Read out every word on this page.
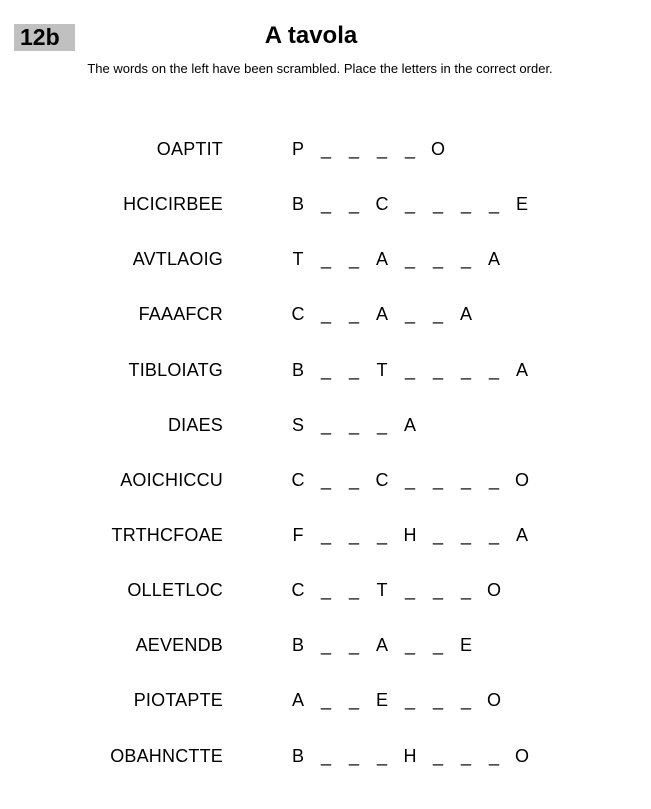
12b	A tavola
The words on the left have been scrambled. Place the letters in the correct order.
OAPTIT	P _ _ _ _ O
HCICIRBEE	B _ _ C _ _ _ _ E
AVTLAOIG	T _ _ A _ _ _ A
FAAAFCR	C _ _ A _ _ A
TIBLOIATG	B _ _ T _ _ _ _ A
DIAES	S _ _ _ A
AOICHICCU	C _ _ C _ _ _ _ O
TRTHCFOAE	F _ _ _ H _ _ _ A
OLLETLOC	C _ _ T _ _ _ O
AEVENDB	B _ _ A _ _ E
PIOTAPTE	A _ _ E _ _ _ O
OBAHNCTTE	B _ _ _ H _ _ _ O
